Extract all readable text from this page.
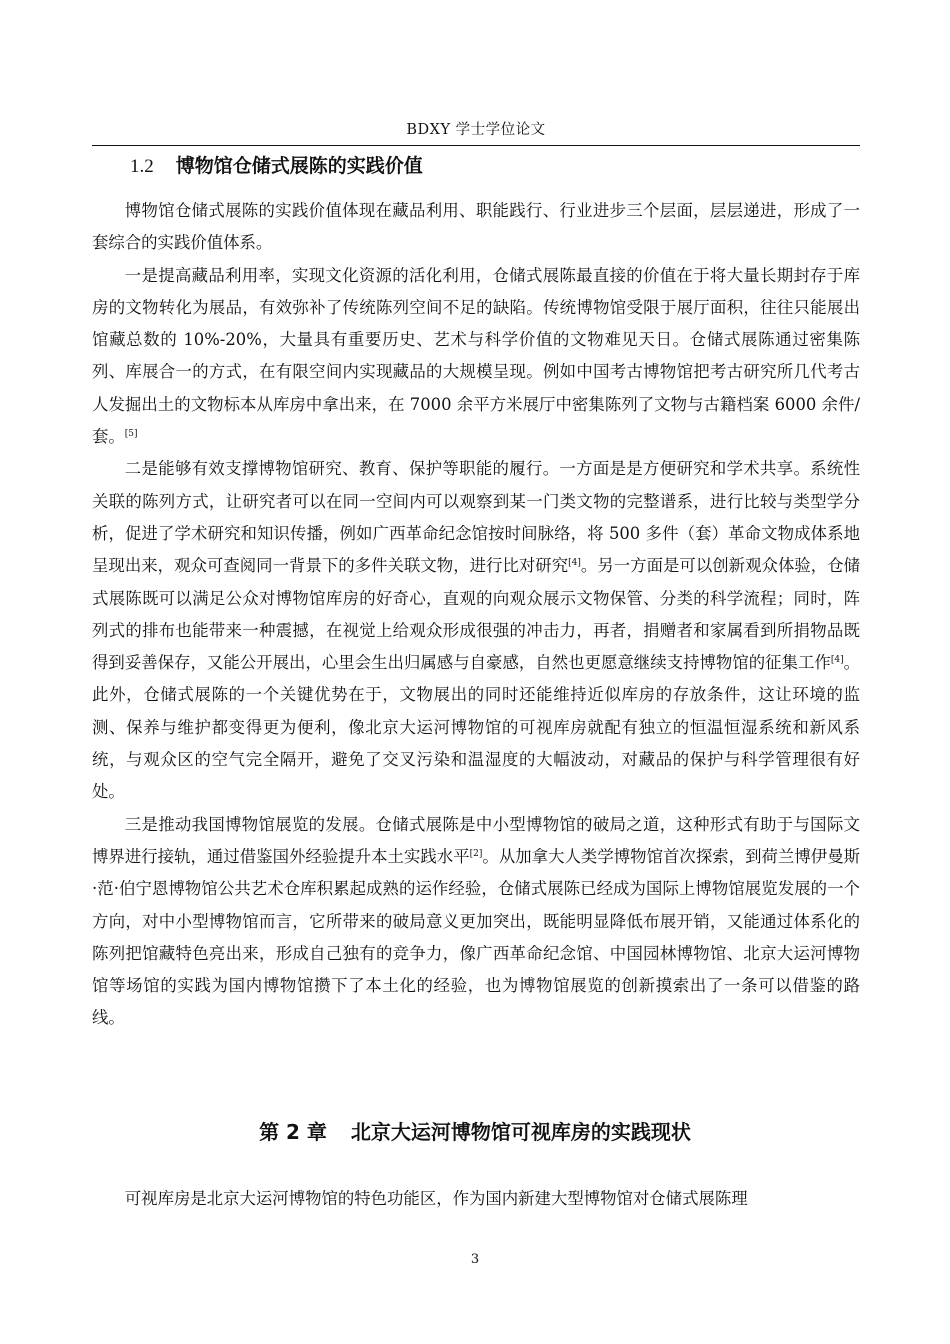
BDXY 学士学位论文
1.2 博物馆仓储式展陈的实践价值

博物馆仓储式展陈的实践价值体现在藏品利用、职能践行、行业进步三个层面，层层递进，形成了一套综合的实践价值体系。

一是提高藏品利用率，实现文化资源的活化利用，仓储式展陈最直接的价值在于将大量长期封存于库房的文物转化为展品，有效弥补了传统陈列空间不足的缺陷。传统博物馆受限于展厅面积，往往只能展出馆藏总数的 10%-20%，大量具有重要历史、艺术与科学价值的文物难见天日。仓储式展陈通过密集陈列、库展合一的方式，在有限空间内实现藏品的大规模呈现。例如中国考古博物馆把考古研究所几代考古人发掘出土的文物标本从库房中拿出来，在 7000 余平方米展厅中密集陈列了文物与古籍档案 6000 余件/套。[5]

二是能够有效支撑博物馆研究、教育、保护等职能的履行。一方面是是方便研究和学术共享。系统性关联的陈列方式，让研究者可以在同一空间内可以观察到某一门类文物的完整谱系，进行比较与类型学分析，促进了学术研究和知识传播，例如广西革命纪念馆按时间脉络，将 500 多件（套）革命文物成体系地呈现出来，观众可查阅同一背景下的多件关联文物，进行比对研究[4]。另一方面是可以创新观众体验，仓储式展陈既可以满足公众对博物馆库房的好奇心，直观的向观众展示文物保管、分类的科学流程；同时，阵列式的排布也能带来一种震撼，在视觉上给观众形成很强的冲击力，再者，捐赠者和家属看到所捐物品既得到妥善保存，又能公开展出，心里会生出归属感与自豪感，自然也更愿意继续支持博物馆的征集工作[4]。此外，仓储式展陈的一个关键优势在于，文物展出的同时还能维持近似库房的存放条件，这让环境的监测、保养与维护都变得更为便利，像北京大运河博物馆的可视库房就配有独立的恒温恒湿系统和新风系统，与观众区的空气完全隔开，避免了交叉污染和温湿度的大幅波动，对藏品的保护与科学管理很有好处。

三是推动我国博物馆展览的发展。仓储式展陈是中小型博物馆的破局之道，这种形式有助于与国际文博界进行接轨，通过借鉴国外经验提升本土实践水平[2]。从加拿大人类学博物馆首次探索，到荷兰博伊曼斯·范·伯宁恩博物馆公共艺术仓库积累起成熟的运作经验，仓储式展陈已经成为国际上博物馆展览发展的一个方向，对中小型博物馆而言，它所带来的破局意义更加突出，既能明显降低布展开销，又能通过体系化的陈列把馆藏特色亮出来，形成自己独有的竞争力，像广西革命纪念馆、中国园林博物馆、北京大运河博物馆等场馆的实践为国内博物馆攒下了本土化的经验，也为博物馆展览的创新摸索出了一条可以借鉴的路线。

第 2 章 北京大运河博物馆可视库房的实践现状

可视库房是北京大运河博物馆的特色功能区，作为国内新建大型博物馆对仓储式展陈理

3
